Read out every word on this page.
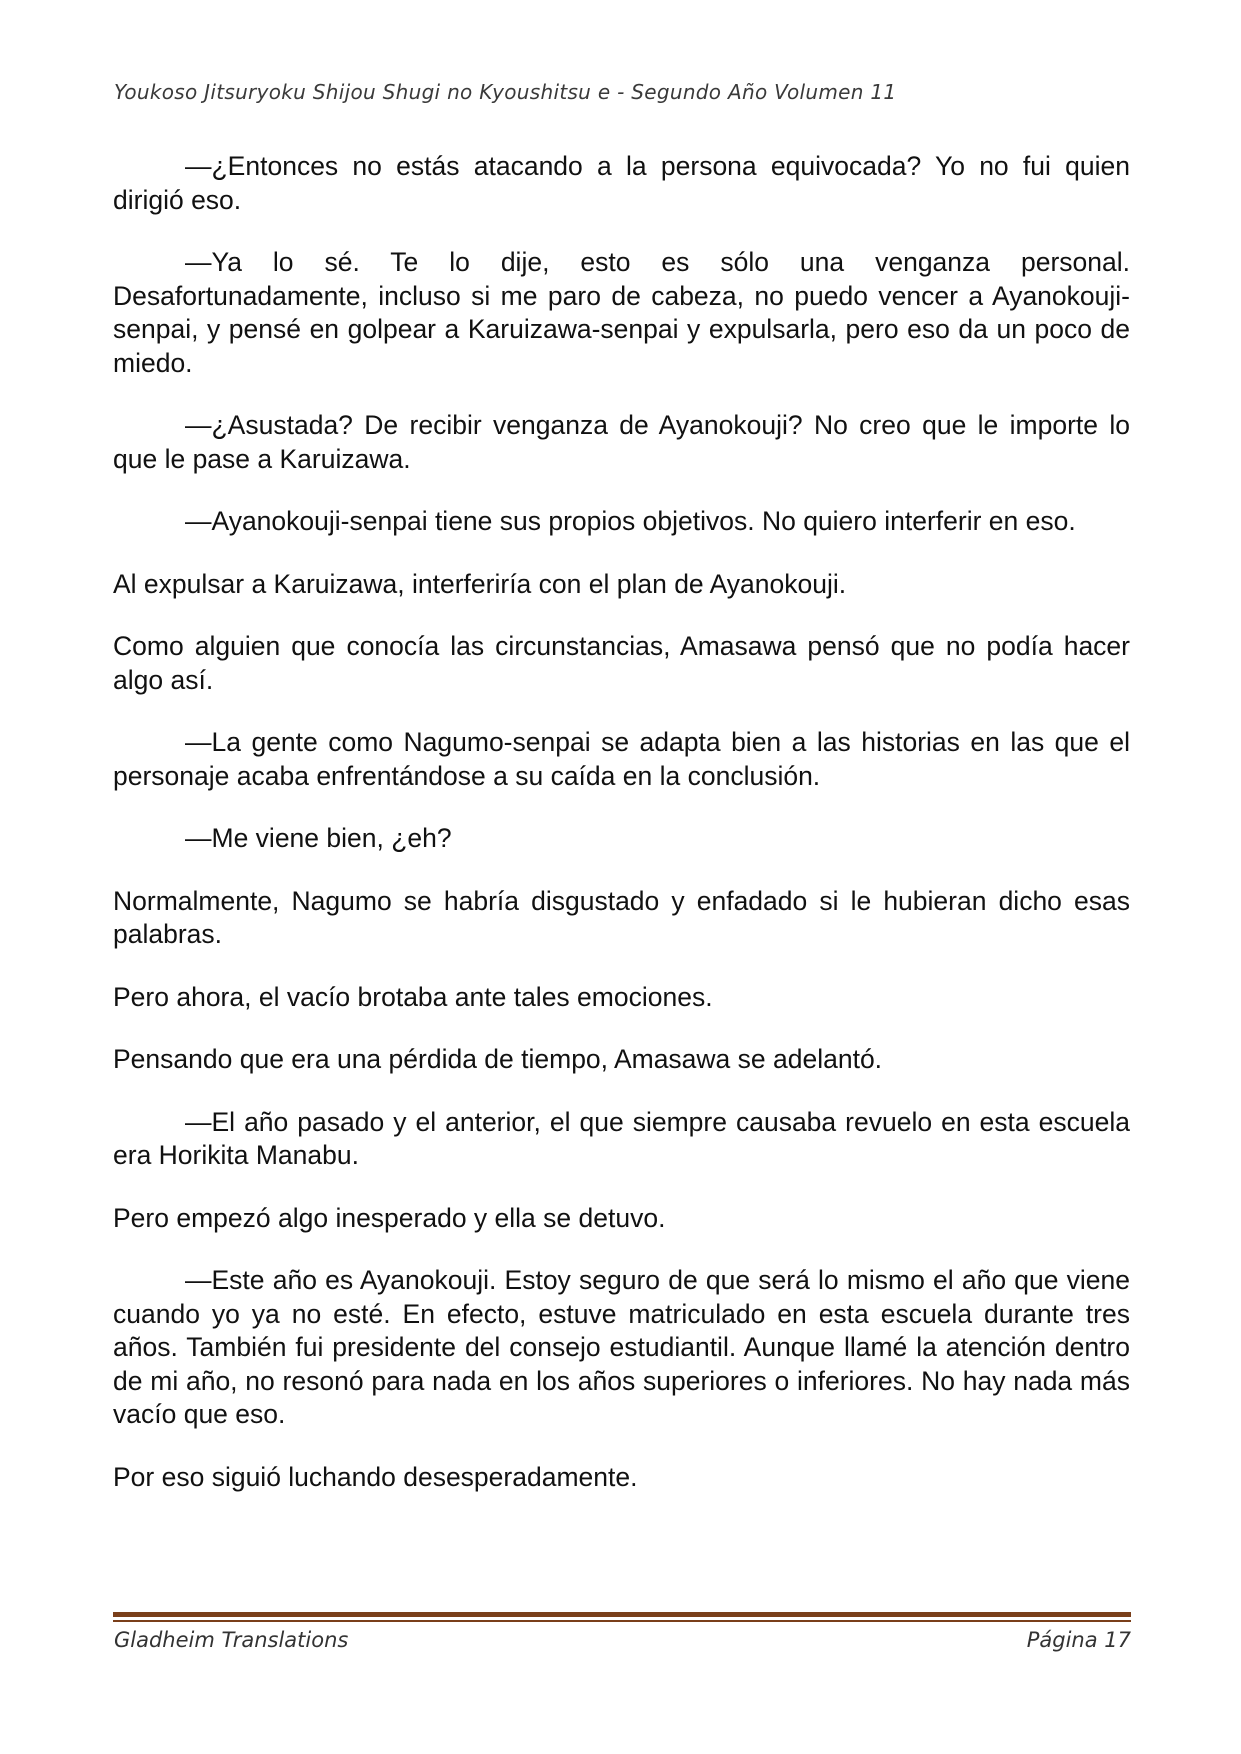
Youkoso Jitsuryoku Shijou Shugi no Kyoushitsu e - Segundo Año Volumen 11

—¿Entonces no estás atacando a la persona equivocada? Yo no fui quien dirigió eso.

—Ya lo sé. Te lo dije, esto es sólo una venganza personal. Desafortunadamente, incluso si me paro de cabeza, no puedo vencer a Ayanokouji-senpai, y pensé en golpear a Karuizawa-senpai y expulsarla, pero eso da un poco de miedo.

—¿Asustada? De recibir venganza de Ayanokouji? No creo que le importe lo que le pase a Karuizawa.

—Ayanokouji-senpai tiene sus propios objetivos. No quiero interferir en eso.

Al expulsar a Karuizawa, interferiría con el plan de Ayanokouji.

Como alguien que conocía las circunstancias, Amasawa pensó que no podía hacer algo así.

—La gente como Nagumo-senpai se adapta bien a las historias en las que el personaje acaba enfrentándose a su caída en la conclusión.

—Me viene bien, ¿eh?

Normalmente, Nagumo se habría disgustado y enfadado si le hubieran dicho esas palabras.

Pero ahora, el vacío brotaba ante tales emociones.

Pensando que era una pérdida de tiempo, Amasawa se adelantó.

—El año pasado y el anterior, el que siempre causaba revuelo en esta escuela era Horikita Manabu.

Pero empezó algo inesperado y ella se detuvo.

—Este año es Ayanokouji. Estoy seguro de que será lo mismo el año que viene cuando yo ya no esté. En efecto, estuve matriculado en esta escuela durante tres años. También fui presidente del consejo estudiantil. Aunque llamé la atención dentro de mi año, no resonó para nada en los años superiores o inferiores. No hay nada más vacío que eso.

Por eso siguió luchando desesperadamente.

Gladheim Translations	Página 17
